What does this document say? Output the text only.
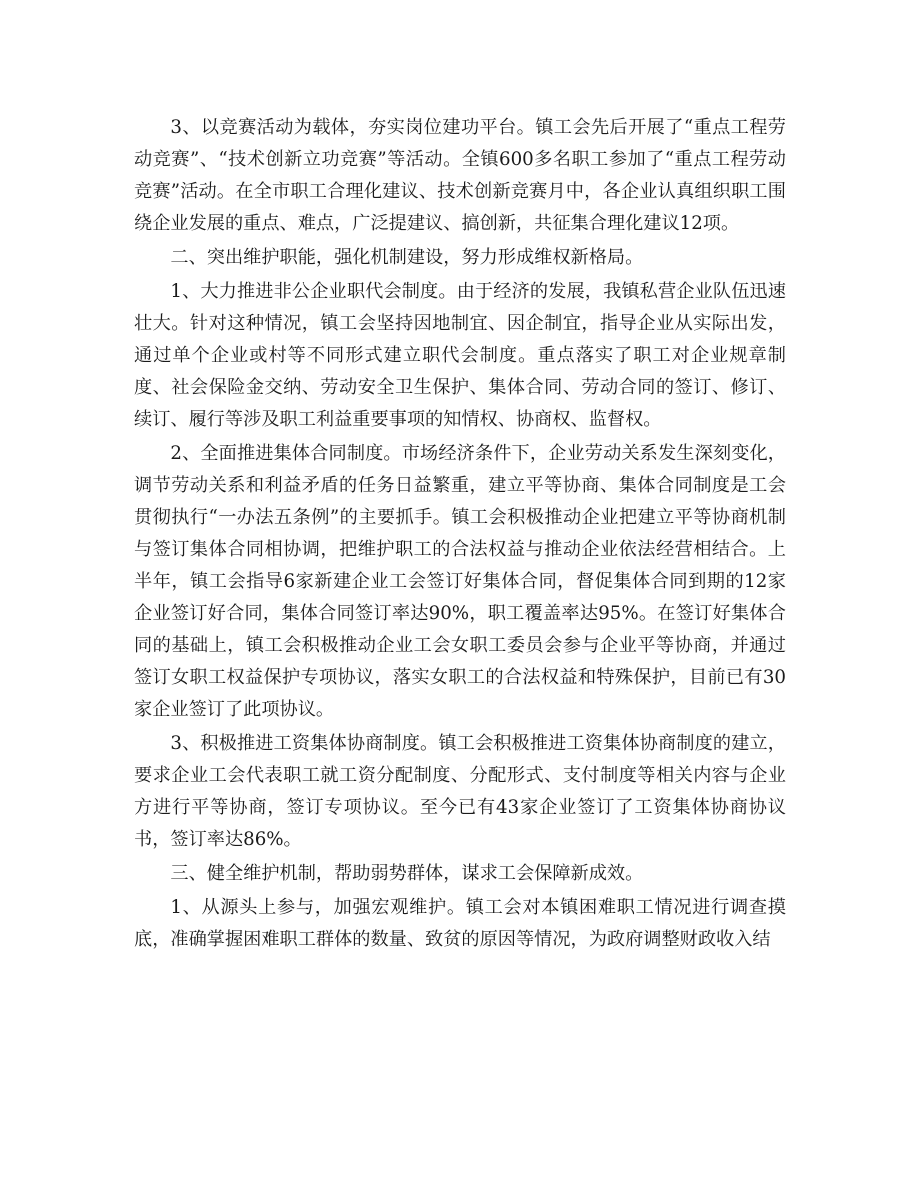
3、以竞赛活动为载体，夯实岗位建功平台。镇工会先后开展了“重点工程劳动竞赛”、“技术创新立功竞赛”等活动。全镇600多名职工参加了“重点工程劳动竞赛”活动。在全市职工合理化建议、技术创新竞赛月中，各企业认真组织职工围绕企业发展的重点、难点，广泛提建议、搞创新，共征集合理化建议12项。

二、突出维护职能，强化机制建设，努力形成维权新格局。

1、大力推进非公企业职代会制度。由于经济的发展，我镇私营企业队伍迅速壮大。针对这种情况，镇工会坚持因地制宜、因企制宜，指导企业从实际出发，通过单个企业或村等不同形式建立职代会制度。重点落实了职工对企业规章制度、社会保险金交纳、劳动安全卫生保护、集体合同、劳动合同的签订、修订、续订、履行等涉及职工利益重要事项的知情权、协商权、监督权。

2、全面推进集体合同制度。市场经济条件下，企业劳动关系发生深刻变化，调节劳动关系和利益矛盾的任务日益繁重，建立平等协商、集体合同制度是工会贯彻执行“一办法五条例”的主要抓手。镇工会积极推动企业把建立平等协商机制与签订集体合同相协调，把维护职工的合法权益与推动企业依法经营相结合。上半年，镇工会指导6家新建企业工会签订好集体合同，督促集体合同到期的12家企业签订好合同，集体合同签订率达90%，职工覆盖率达95%。在签订好集体合同的基础上，镇工会积极推动企业工会女职工委员会参与企业平等协商，并通过签订女职工权益保护专项协议，落实女职工的合法权益和特殊保护，目前已有30家企业签订了此项协议。

3、积极推进工资集体协商制度。镇工会积极推进工资集体协商制度的建立，要求企业工会代表职工就工资分配制度、分配形式、支付制度等相关内容与企业方进行平等协商，签订专项协议。至今已有43家企业签订了工资集体协商协议书，签订率达86%。

三、健全维护机制，帮助弱势群体，谋求工会保障新成效。

1、从源头上参与，加强宏观维护。镇工会对本镇困难职工情况进行调查摸底，准确掌握困难职工群体的数量、致贫的原因等情况，为政府调整财政收入结
